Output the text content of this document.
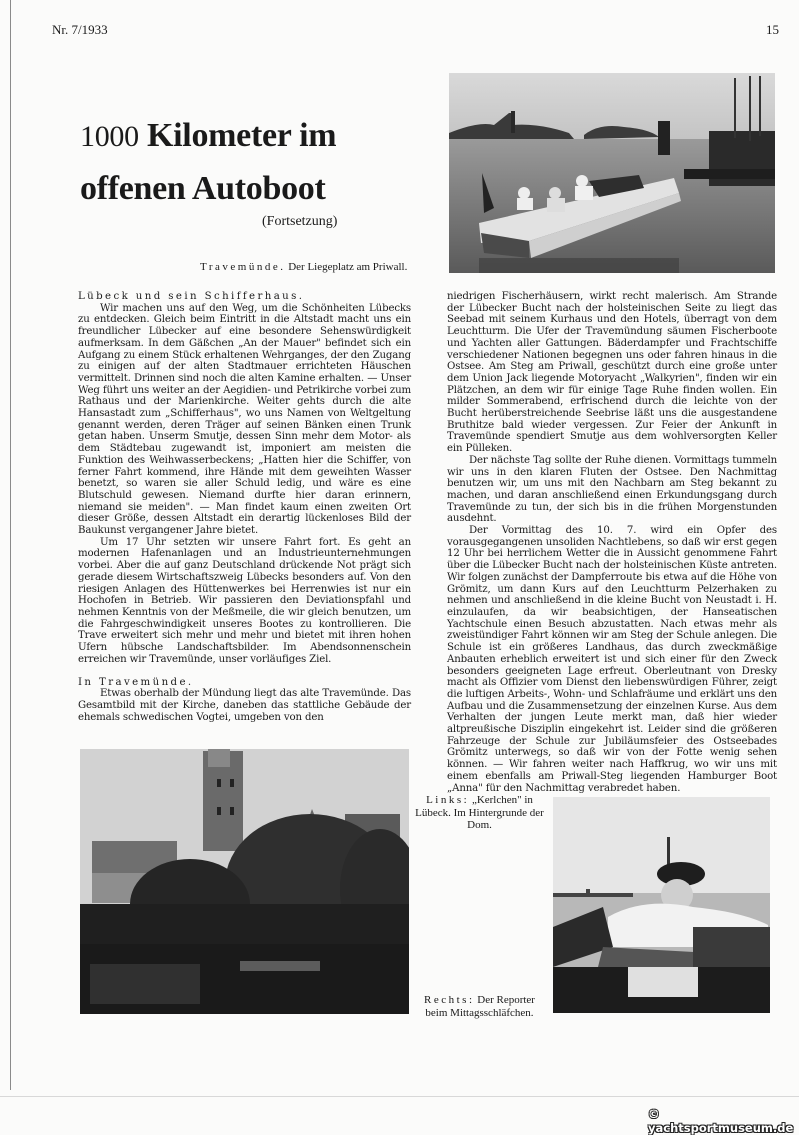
Nr. 7/1933	15
1000 Kilometer im
offenen Autoboot
(Fortsetzung)
Travemünde. Der Liegeplatz am Priwall.

Lübeck und sein Schifferhaus.

Wir machen uns auf den Weg, um die Schönheiten Lübecks zu entdecken. Gleich beim Eintritt in die Altstadt macht uns ein freundlicher Lübecker auf eine besondere Sehenswürdigkeit aufmerksam. In dem Gäßchen „An der Mauer" befindet sich ein Aufgang zu einem Stück erhaltenen Wehrganges, der den Zugang zu einigen auf der alten Stadtmauer errichteten Häuschen vermittelt. Drinnen sind noch die alten Kamine erhalten. — Unser Weg führt uns weiter an der Aegidien- und Petrikirche vorbei zum Rathaus und der Marienkirche. Weiter gehts durch die alte Hansastadt zum „Schifferhaus", wo uns Namen von Weltgeltung genannt werden, deren Träger auf seinen Bänken einen Trunk getan haben. Unserm Smutje, dessen Sinn mehr dem Motor- als dem Städtebau zugewandt ist, imponiert am meisten die Funktion des Weihwasserbeckens; „Hatten hier die Schiffer, von ferner Fahrt kommend, ihre Hände mit dem geweihten Wasser benetzt, so waren sie aller Schuld ledig, und wäre es eine Blutschuld gewesen. Niemand durfte hier daran erinnern, niemand sie meiden". — Man findet kaum einen zweiten Ort dieser Größe, dessen Altstadt ein derartig lückenloses Bild der Baukunst vergangener Jahre bietet.

Um 17 Uhr setzten wir unsere Fahrt fort. Es geht an modernen Hafenanlagen und an Industrieunternehmungen vorbei. Aber die auf ganz Deutschland drückende Not prägt sich gerade diesem Wirtschaftszweig Lübecks besonders auf. Von den riesigen Anlagen des Hüttenwerkes bei Herrenwies ist nur ein Hochofen in Betrieb. Wir passieren den Deviationspfahl und nehmen Kenntnis von der Meßmeile, die wir gleich benutzen, um die Fahrgeschwindigkeit unseres Bootes zu kontrollieren. Die Trave erweitert sich mehr und mehr und bietet mit ihren hohen Ufern hübsche Landschaftsbilder. Im Abendsonnenschein erreichen wir Travemünde, unser vorläufiges Ziel.

In Travemünde.

Etwas oberhalb der Mündung liegt das alte Travemünde. Das Gesamtbild mit der Kirche, daneben das stattliche Gebäude der ehemals schwedischen Vogtei, umgeben von den

niedrigen Fischerhäusern, wirkt recht malerisch. Am Strande der Lübecker Bucht nach der holsteinischen Seite zu liegt das Seebad mit seinem Kurhaus und den Hotels, überragt von dem Leuchtturm. Die Ufer der Travemündung säumen Fischerboote und Yachten aller Gattungen. Bäderdampfer und Frachtschiffe verschiedener Nationen begegnen uns oder fahren hinaus in die Ostsee. Am Steg am Priwall, geschützt durch eine große unter dem Union Jack liegende Motoryacht „Walkyrien", finden wir ein Plätzchen, an dem wir für einige Tage Ruhe finden wollen. Ein milder Sommerabend, erfrischend durch die leichte von der Bucht herüberstreichende Seebrise läßt uns die ausgestandene Bruthitze bald wieder vergessen. Zur Feier der Ankunft in Travemünde spendiert Smutje aus dem wohlversorgten Keller ein Pülleken.

Der nächste Tag sollte der Ruhe dienen. Vormittags tummeln wir uns in den klaren Fluten der Ostsee. Den Nachmittag benutzen wir, um uns mit den Nachbarn am Steg bekannt zu machen, und daran anschließend einen Erkundungsgang durch Travemünde zu tun, der sich bis in die frühen Morgenstunden ausdehnt.

Der Vormittag des 10. 7. wird ein Opfer des vorausgegangenen unsoliden Nachtlebens, so daß wir erst gegen 12 Uhr bei herrlichem Wetter die in Aussicht genommene Fahrt über die Lübecker Bucht nach der holsteinischen Küste antreten. Wir folgen zunächst der Dampferroute bis etwa auf die Höhe von Grömitz, um dann Kurs auf den Leuchtturm Pelzerhaken zu nehmen und anschließend in die kleine Bucht von Neustadt i. H. einzulaufen, da wir beabsichtigen, der Hanseatischen Yachtschule einen Besuch abzustatten. Nach etwas mehr als zweistündiger Fahrt können wir am Steg der Schule anlegen. Die Schule ist ein größeres Landhaus, das durch zweckmäßige Anbauten erheblich erweitert ist und sich einer für den Zweck besonders geeigneten Lage erfreut. Oberleutnant von Dresky macht als Offizier vom Dienst den liebenswürdigen Führer, zeigt die luftigen Arbeits-, Wohn- und Schlafräume und erklärt uns den Aufbau und die Zusammensetzung der einzelnen Kurse. Aus dem Verhalten der jungen Leute merkt man, daß hier wieder altpreußische Disziplin eingekehrt ist. Leider sind die größeren Fahrzeuge der Schule zur Jubiläumsfeier des Ostseebades Grömitz unterwegs, so daß wir von der Fotte wenig sehen können. — Wir fahren weiter nach Haffkrug, wo wir uns mit einem ebenfalls am Priwall-Steg liegenden Hamburger Boot „Anna" für den Nachmittag verabredet haben.

Links: „Kerlchen" in Lübeck. Im Hintergrunde der Dom.
Rechts: Der Reporter beim Mittagsschläfchen.
© yachtsportmuseum.de
